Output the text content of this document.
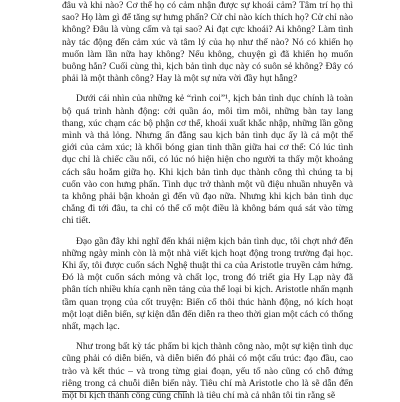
đâu và khi nào? Cơ thể họ có cảm nhận được sự khoái cảm? Tâm trí họ thì sao? Họ làm gì để tăng sự hưng phấn? Cử chỉ nào kích thích họ? Cử chỉ nào không? Đâu là vùng cấm và tại sao? Ai đạt cực khoái? Ai không? Làm tình này tác động đến cảm xúc và tâm lý của họ như thế nào? Nó có khiến họ muốn làm lần nữa hay không? Nếu không, chuyện gì đã khiến họ muốn buông hẳn? Cuối cùng thì, kịch bản tình dục này có suôn sẻ không? Đây có phải là một thành công? Hay là một sự nửa vời đầy hụt hẫng?

Dưới cái nhìn của những kẻ “rình coi”¹, kịch bản tình dục chính là toàn bộ quá trình hành động: cởi quần áo, môi tìm môi, những bàn tay lang thang, xúc chạm các bộ phận cơ thể, khoái xuất khắc nhập, những lần gồng mình và thả lỏng. Nhưng ẩn đằng sau kịch bản tình dục ấy là cả một thế giới của cảm xúc; là khối bóng gian tinh thần giữa hai cơ thể: Có lúc tình dục chỉ là chiếc cầu nối, có lúc nó hiện hiện cho người ta thấy một khoảng cách sâu hoắm giữa họ. Khi kịch bản tình dục thành công thì chúng ta bị cuốn vào con hưng phấn. Tình dục trở thành một vũ điệu nhuần nhuyễn và ta không phải bận khoản gì đến vũ đạo nữa. Nhưng khi kịch bản tình dục chẳng đi tới đâu, ta chỉ có thể cố một điều là không bám quá sát vào từng chi tiết.

Đạo gần đây khi nghĩ đến khái niệm kịch bản tình dục, tôi chợt nhớ đến những ngày mình còn là một nhà viết kịch hoạt động trong trường đại học. Khi ấy, tôi được cuốn sách Nghệ thuật thi ca của Aristotle truyền cảm hứng. Đó là một cuốn sách mỏng và chất lọc, trong đó triết gia Hy Lạp này đã phân tích nhiều khía cạnh nền tảng của thể loại bi kịch. Aristotle nhấn mạnh tầm quan trọng của cốt truyện: Biến cố thôi thúc hành động, nó kích hoạt một loạt diễn biến, sự kiện dẫn đến diễn ra theo thời gian một cách có thống nhất, mạch lạc.

Như trong bất kỳ tác phẩm bi kịch thành công nào, một sự kiện tình dục cũng phải có diễn biến, và diễn biến đó phải có một cấu trúc: đạo đầu, cao trào và kết thúc – và trong từng giai đoạn, yếu tố nào cũng có chỗ đứng riêng trong cả chuỗi diễn biến này. Tiêu chí mà Aristotle cho là sẽ dẫn đến một bi kịch thành công cũng chính là tiêu chí mà cả nhân tôi tin rằng sẽ
